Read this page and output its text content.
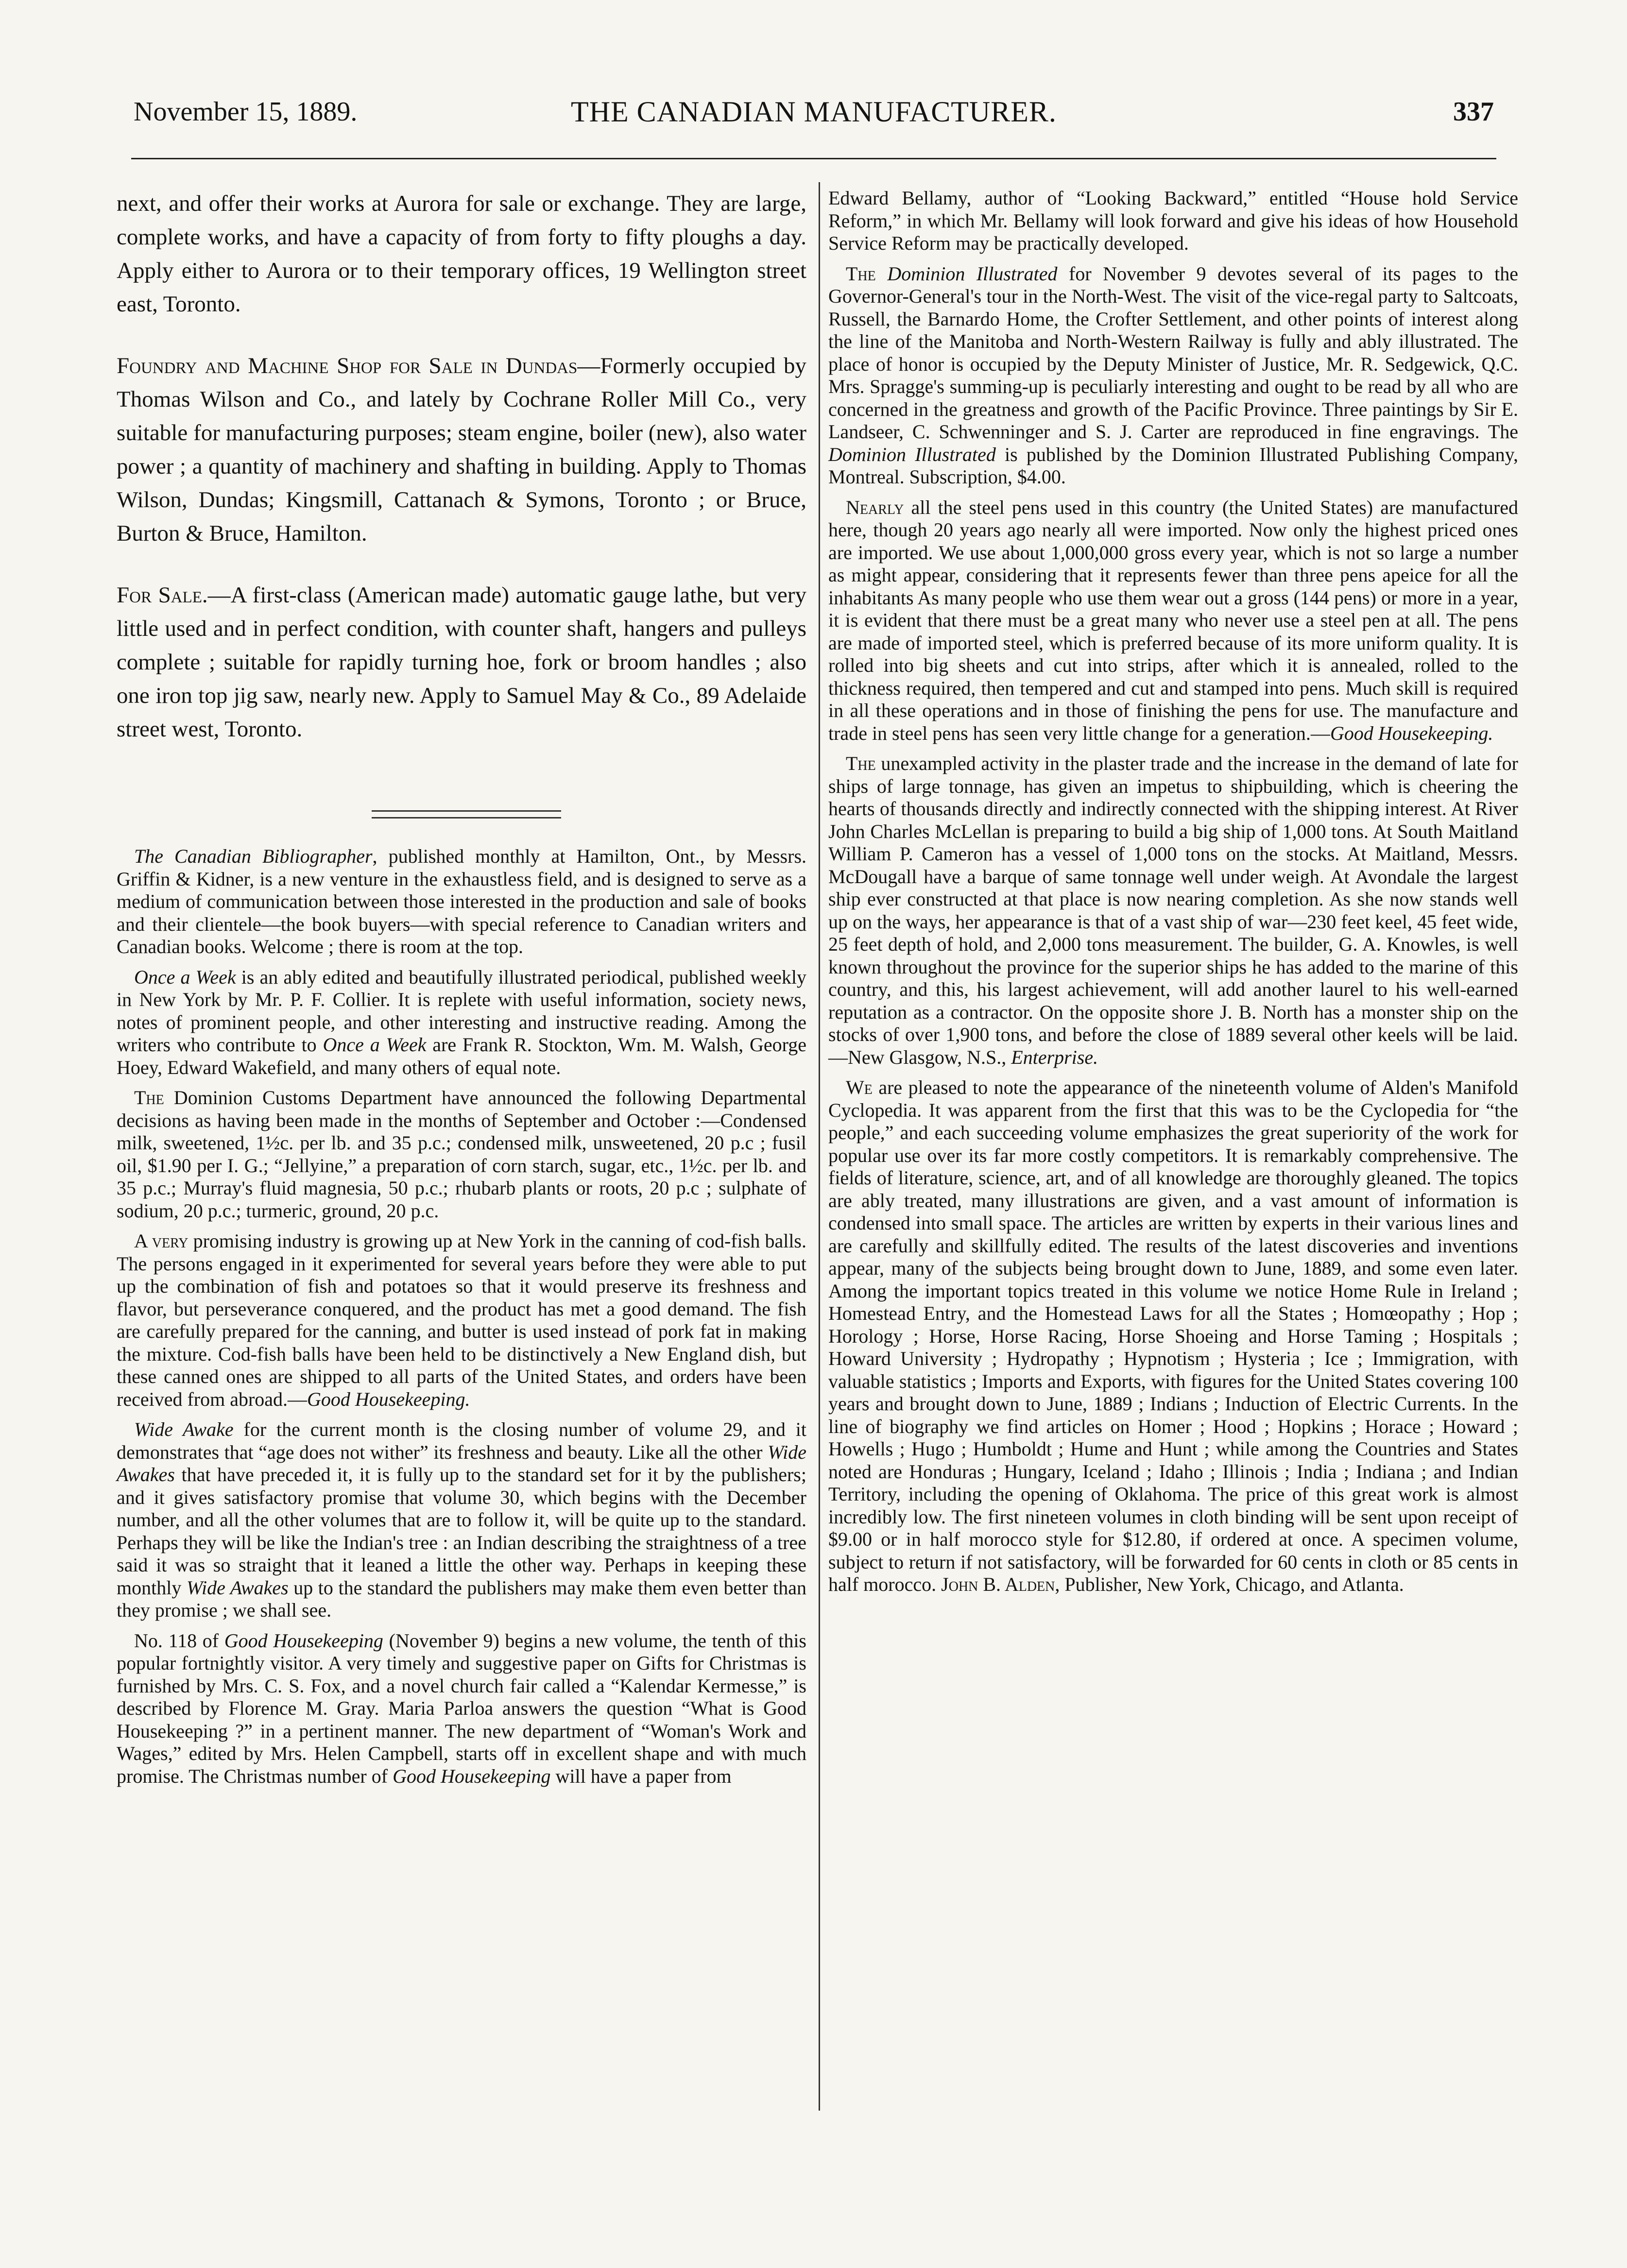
November 15, 1889.	THE CANADIAN MANUFACTURER.	337

next, and offer their works at Aurora for sale or exchange. They are large, complete works, and have a capacity of from forty to fifty ploughs a day. Apply either to Aurora or to their temporary offices, 19 Wellington street east, Toronto.

Foundry and Machine Shop for Sale in Dundas—Formerly occupied by Thomas Wilson and Co., and lately by Cochrane Roller Mill Co., very suitable for manufacturing purposes; steam engine, boiler (new), also water power ; a quantity of machinery and shafting in building. Apply to Thomas Wilson, Dundas; Kingsmill, Cattanach & Symons, Toronto ; or Bruce, Burton & Bruce, Hamilton.

For Sale.—A first-class (American made) automatic gauge lathe, but very little used and in perfect condition, with counter shaft, hangers and pulleys complete ; suitable for rapidly turning hoe, fork or broom handles ; also one iron top jig saw, nearly new. Apply to Samuel May & Co., 89 Adelaide street west, Toronto.

The Canadian Bibliographer, published monthly at Hamilton, Ont., by Messrs. Griffin & Kidner, is a new venture in the exhaustless field, and is designed to serve as a medium of communication between those interested in the production and sale of books and their clientele—the book buyers—with special reference to Canadian writers and Canadian books. Welcome ; there is room at the top.

Once a Week is an ably edited and beautifully illustrated periodical, published weekly in New York by Mr. P. F. Collier. It is replete with useful information, society news, notes of prominent people, and other interesting and instructive reading. Among the writers who contribute to Once a Week are Frank R. Stockton, Wm. M. Walsh, George Hoey, Edward Wakefield, and many others of equal note.

The Dominion Customs Department have announced the following Departmental decisions as having been made in the months of September and October :—Condensed milk, sweetened, 1½c. per lb. and 35 p.c.; condensed milk, unsweetened, 20 p.c ; fusil oil, $1.90 per I. G.; “Jellyine,” a preparation of corn starch, sugar, etc., 1½c. per lb. and 35 p.c.; Murray's fluid magnesia, 50 p.c.; rhubarb plants or roots, 20 p.c ; sulphate of sodium, 20 p.c.; turmeric, ground, 20 p.c.

A very promising industry is growing up at New York in the canning of cod-fish balls. The persons engaged in it experimented for several years before they were able to put up the combination of fish and potatoes so that it would preserve its freshness and flavor, but perseverance conquered, and the product has met a good demand. The fish are carefully prepared for the canning, and butter is used instead of pork fat in making the mixture. Cod-fish balls have been held to be distinctively a New England dish, but these canned ones are shipped to all parts of the United States, and orders have been received from abroad.—Good Housekeeping.

Wide Awake for the current month is the closing number of volume 29, and it demonstrates that “age does not wither” its freshness and beauty. Like all the other Wide Awakes that have preceded it, it is fully up to the standard set for it by the publishers; and it gives satisfactory promise that volume 30, which begins with the December number, and all the other volumes that are to follow it, will be quite up to the standard. Perhaps they will be like the Indian's tree : an Indian describing the straightness of a tree said it was so straight that it leaned a little the other way. Perhaps in keeping these monthly Wide Awakes up to the standard the publishers may make them even better than they promise ; we shall see.

No. 118 of Good Housekeeping (November 9) begins a new volume, the tenth of this popular fortnightly visitor. A very timely and suggestive paper on Gifts for Christmas is furnished by Mrs. C. S. Fox, and a novel church fair called a “Kalendar Kermesse,” is described by Florence M. Gray. Maria Parloa answers the question “What is Good Housekeeping ?” in a pertinent manner. The new department of “Woman's Work and Wages,” edited by Mrs. Helen Campbell, starts off in excellent shape and with much promise. The Christmas number of Good Housekeeping will have a paper from

Edward Bellamy, author of “Looking Backward,” entitled “House hold Service Reform,” in which Mr. Bellamy will look forward and give his ideas of how Household Service Reform may be practically developed.

The Dominion Illustrated for November 9 devotes several of its pages to the Governor-General's tour in the North-West. The visit of the vice-regal party to Saltcoats, Russell, the Barnardo Home, the Crofter Settlement, and other points of interest along the line of the Manitoba and North-Western Railway is fully and ably illustrated. The place of honor is occupied by the Deputy Minister of Justice, Mr. R. Sedgewick, Q.C. Mrs. Spragge's summing-up is peculiarly interesting and ought to be read by all who are concerned in the greatness and growth of the Pacific Province. Three paintings by Sir E. Landseer, C. Schwenninger and S. J. Carter are reproduced in fine engravings. The Dominion Illustrated is published by the Dominion Illustrated Publishing Company, Montreal. Subscription, $4.00.

Nearly all the steel pens used in this country (the United States) are manufactured here, though 20 years ago nearly all were imported. Now only the highest priced ones are imported. We use about 1,000,000 gross every year, which is not so large a number as might appear, considering that it represents fewer than three pens apeice for all the inhabitants As many people who use them wear out a gross (144 pens) or more in a year, it is evident that there must be a great many who never use a steel pen at all. The pens are made of imported steel, which is preferred because of its more uniform quality. It is rolled into big sheets and cut into strips, after which it is annealed, rolled to the thickness required, then tempered and cut and stamped into pens. Much skill is required in all these operations and in those of finishing the pens for use. The manufacture and trade in steel pens has seen very little change for a generation.—Good Housekeeping.

The unexampled activity in the plaster trade and the increase in the demand of late for ships of large tonnage, has given an impetus to shipbuilding, which is cheering the hearts of thousands directly and indirectly connected with the shipping interest. At River John Charles McLellan is preparing to build a big ship of 1,000 tons. At South Maitland William P. Cameron has a vessel of 1,000 tons on the stocks. At Maitland, Messrs. McDougall have a barque of same tonnage well under weigh. At Avondale the largest ship ever constructed at that place is now nearing completion. As she now stands well up on the ways, her appearance is that of a vast ship of war—230 feet keel, 45 feet wide, 25 feet depth of hold, and 2,000 tons measurement. The builder, G. A. Knowles, is well known throughout the province for the superior ships he has added to the marine of this country, and this, his largest achievement, will add another laurel to his well-earned reputation as a contractor. On the opposite shore J. B. North has a monster ship on the stocks of over 1,900 tons, and before the close of 1889 several other keels will be laid.—New Glasgow, N.S., Enterprise.

We are pleased to note the appearance of the nineteenth volume of Alden's Manifold Cyclopedia. It was apparent from the first that this was to be the Cyclopedia for “the people,” and each succeeding volume emphasizes the great superiority of the work for popular use over its far more costly competitors. It is remarkably comprehensive. The fields of literature, science, art, and of all knowledge are thoroughly gleaned. The topics are ably treated, many illustrations are given, and a vast amount of information is condensed into small space. The articles are written by experts in their various lines and are carefully and skillfully edited. The results of the latest discoveries and inventions appear, many of the subjects being brought down to June, 1889, and some even later. Among the important topics treated in this volume we notice Home Rule in Ireland ; Homestead Entry, and the Homestead Laws for all the States ; Homœopathy ; Hop ; Horology ; Horse, Horse Racing, Horse Shoeing and Horse Taming ; Hospitals ; Howard University ; Hydropathy ; Hypnotism ; Hysteria ; Ice ; Immigration, with valuable statistics ; Imports and Exports, with figures for the United States covering 100 years and brought down to June, 1889 ; Indians ; Induction of Electric Currents. In the line of biography we find articles on Homer ; Hood ; Hopkins ; Horace ; Howard ; Howells ; Hugo ; Humboldt ; Hume and Hunt ; while among the Countries and States noted are Honduras ; Hungary, Iceland ; Idaho ; Illinois ; India ; Indiana ; and Indian Territory, including the opening of Oklahoma. The price of this great work is almost incredibly low. The first nineteen volumes in cloth binding will be sent upon receipt of $9.00 or in half morocco style for $12.80, if ordered at once. A specimen volume, subject to return if not satisfactory, will be forwarded for 60 cents in cloth or 85 cents in half morocco. John B. Alden, Publisher, New York, Chicago, and Atlanta.
